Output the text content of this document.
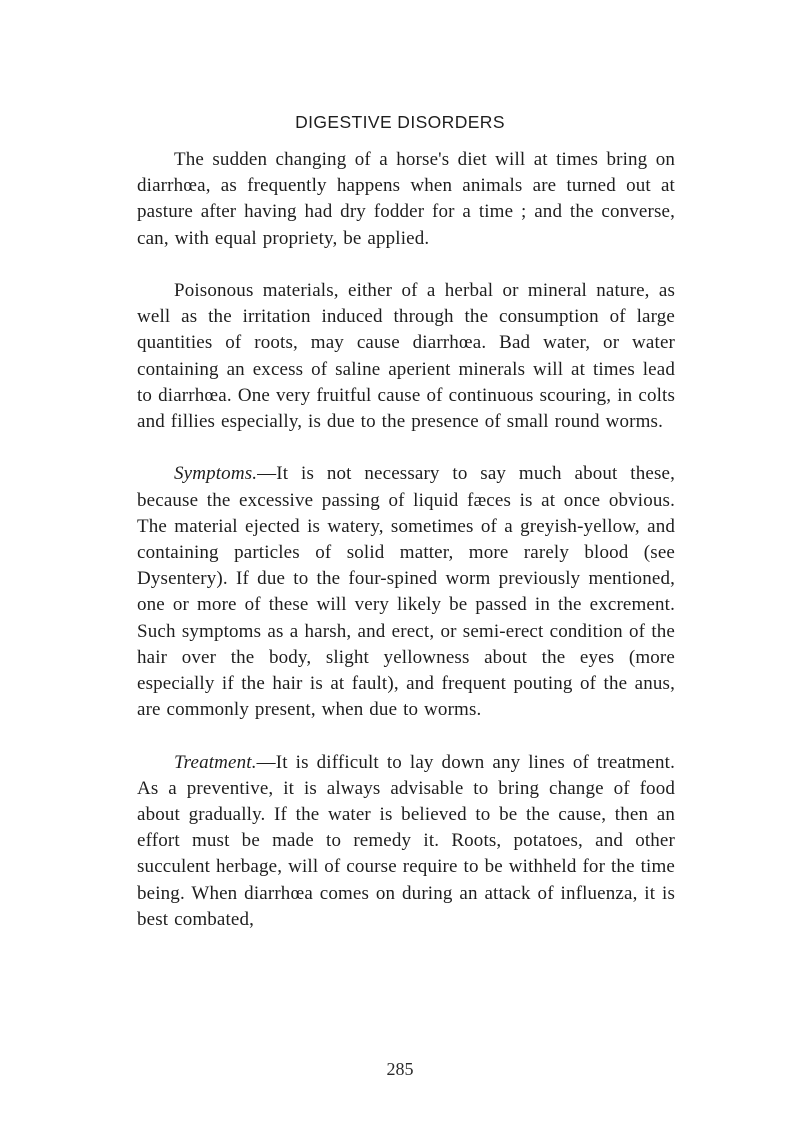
DIGESTIVE DISORDERS

The sudden changing of a horse's diet will at times bring on diarrhœa, as frequently happens when animals are turned out at pasture after having had dry fodder for a time ; and the converse, can, with equal propriety, be applied.

Poisonous materials, either of a herbal or mineral nature, as well as the irritation induced through the consumption of large quantities of roots, may cause diarrhœa. Bad water, or water containing an excess of saline aperient minerals will at times lead to diarrhœa. One very fruitful cause of continuous scouring, in colts and fillies especially, is due to the presence of small round worms.

Symptoms.—It is not necessary to say much about these, because the excessive passing of liquid fæces is at once obvious. The material ejected is watery, sometimes of a greyish-yellow, and containing particles of solid matter, more rarely blood (see Dysentery). If due to the four-spined worm previously mentioned, one or more of these will very likely be passed in the excrement. Such symptoms as a harsh, and erect, or semi-erect condition of the hair over the body, slight yellowness about the eyes (more especially if the hair is at fault), and frequent pouting of the anus, are commonly present, when due to worms.

Treatment.—It is difficult to lay down any lines of treatment. As a preventive, it is always advisable to bring change of food about gradually. If the water is believed to be the cause, then an effort must be made to remedy it. Roots, potatoes, and other succulent herbage, will of course require to be withheld for the time being. When diarrhœa comes on during an attack of influenza, it is best combated,

285
